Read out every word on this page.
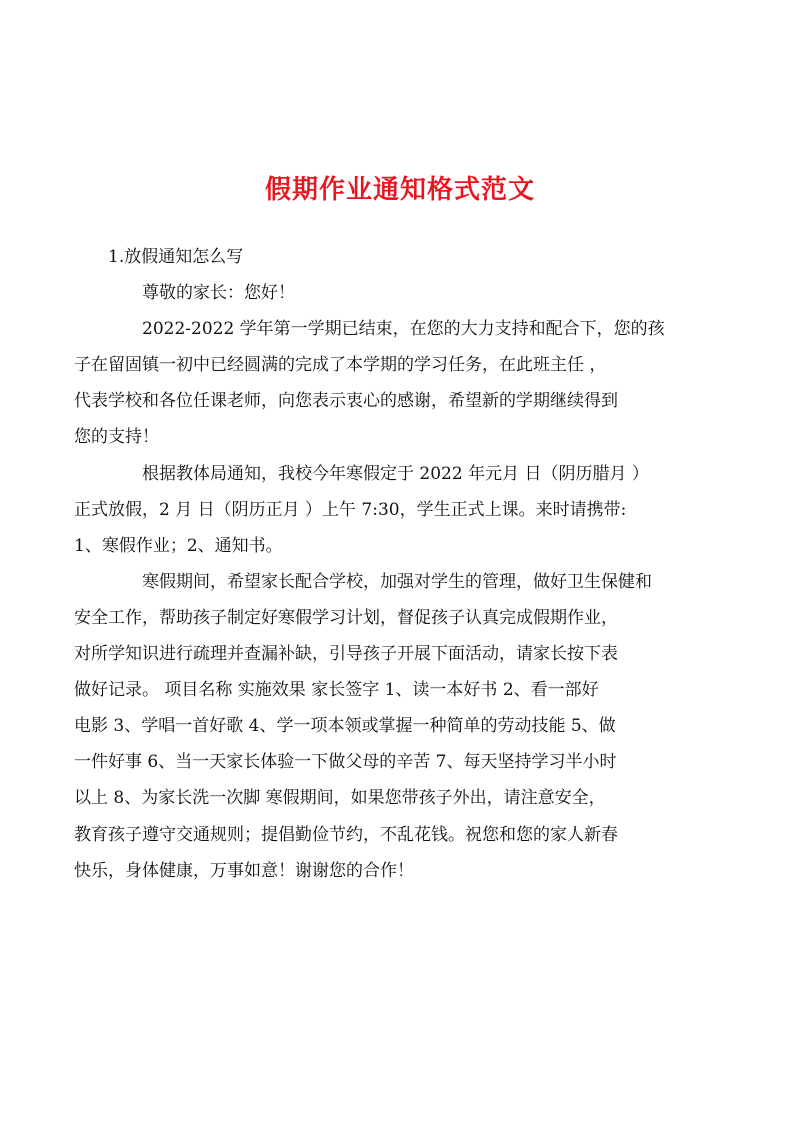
假期作业通知格式范文

1.放假通知怎么写

尊敬的家长：您好！

2022-2022 学年第一学期已结束，在您的大力支持和配合下，您的孩
子在留固镇一初中已经圆满的完成了本学期的学习任务，在此班主任 ，
代表学校和各位任课老师，向您表示衷心的感谢，希望新的学期继续得到
您的支持！

根据教体局通知，我校今年寒假定于 2022 年元月 日（阴历腊月 ）
正式放假，2 月 日（阴历正月 ）上午 7:30，学生正式上课。来时请携带:
1、寒假作业；2、通知书。

寒假期间，希望家长配合学校，加强对学生的管理，做好卫生保健和
安全工作，帮助孩子制定好寒假学习计划，督促孩子认真完成假期作业，
对所学知识进行疏理并查漏补缺，引导孩子开展下面活动，请家长按下表
做好记录。 项目名称 实施效果 家长签字 1、读一本好书 2、看一部好
电影 3、学唱一首好歌 4、学一项本领或掌握一种简单的劳动技能 5、做
一件好事 6、当一天家长体验一下做父母的辛苦 7、每天坚持学习半小时
以上 8、为家长洗一次脚 寒假期间，如果您带孩子外出，请注意安全，
教育孩子遵守交通规则；提倡勤俭节约，不乱花钱。祝您和您的家人新春
快乐，身体健康，万事如意！谢谢您的合作！
